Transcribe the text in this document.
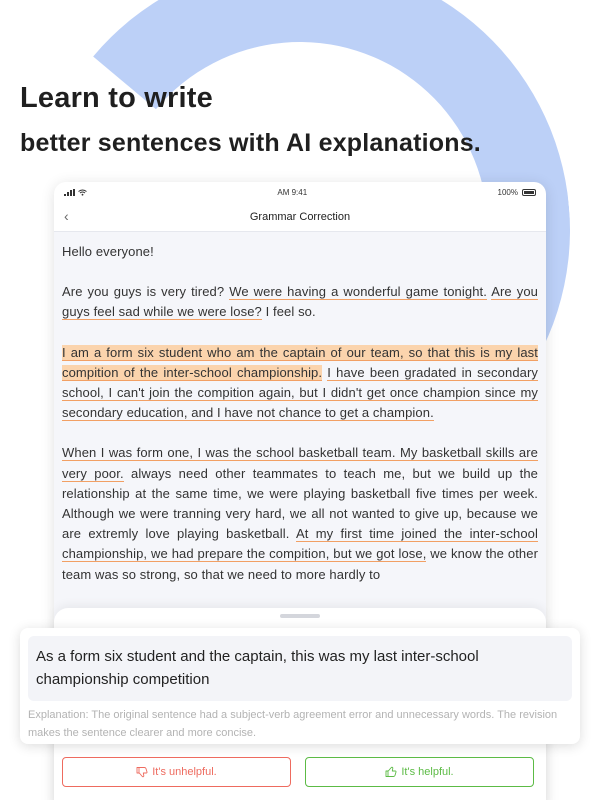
Learn to write
better sentences with AI explanations.
AM 9:41	100%
‹	Grammar Correction

Hello everyone!

Are you guys is very tired? We were having a wonderful game tonight. Are you guys feel sad while we were lose? I feel so.

I am a form six student who am the captain of our team, so that this is my last compition of the inter-school championship. I have been gradated in secondary school, I can't join the compition again, but I didn't get once champion since my secondary education, and I have not chance to get a champion.

When I was form one, I was the school basketball team. My basketball skills are very poor. always need other teammates to teach me, but we build up the relationship at the same time, we were playing basketball five times per week. Although we were tranning very hard, we all not wanted to give up, because we are extremly love playing basketball. At my first time joined the inter-school championship, we had prepare the compition, but we got lose, we know the other team was so strong, so that we need to more hardly to

As a form six student and the captain, this was my last inter-school championship competition
Explanation: The original sentence had a subject-verb agreement error and unnecessary words. The revision makes the sentence clearer and more concise.
It's unhelpful.	It's helpful.
